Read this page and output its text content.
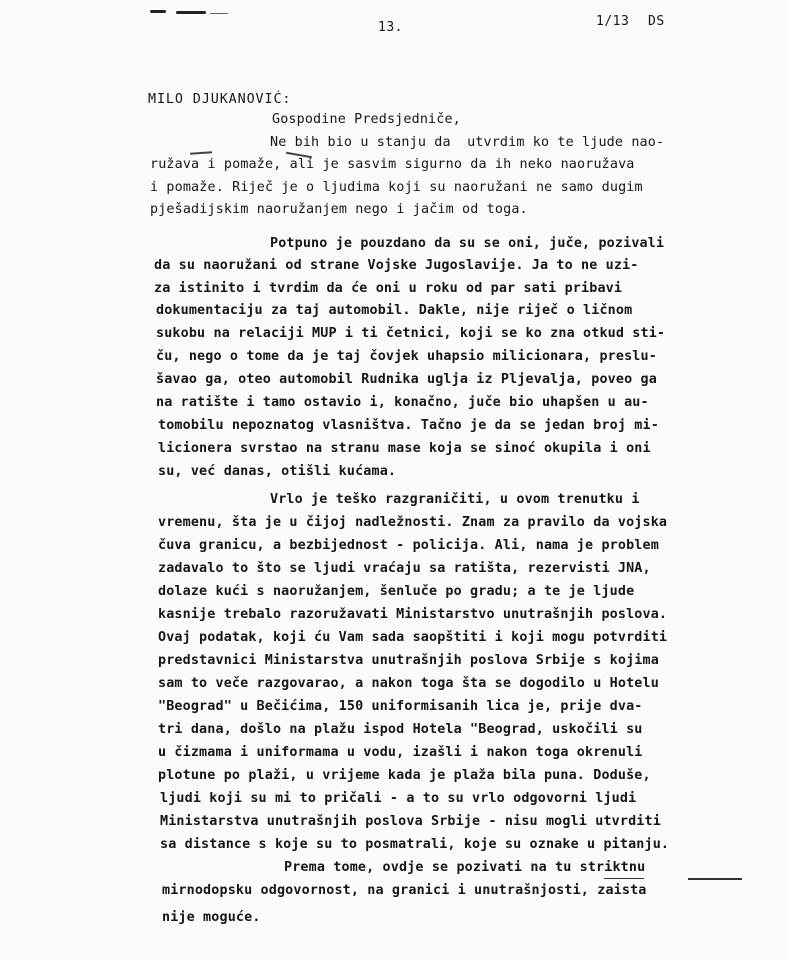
13.	1/13 DS
MILO DJUKANOVIĆ:
Gospodine Predsjedniče,
Ne bih bio u stanju da  utvrdim ko te ljude nao-
ružava i pomaže, ali je sasvim sigurno da ih neko naoružava
i pomaže. Riječ je o ljudima koji su naoružani ne samo dugim
pješadijskim naoružanjem nego i jačim od toga.
Potpuno je pouzdano da su se oni, juče, pozivali
da su naoružani od strane Vojske Jugoslavije. Ja to ne uzi-
za istinito i tvrdim da će oni u roku od par sati pribavi
dokumentaciju za taj automobil. Dakle, nije riječ o ličnom
sukobu na relaciji MUP i ti četnici, koji se ko zna otkud sti-
ču, nego o tome da je taj čovjek uhapsio milicionara, preslu-
šavao ga, oteo automobil Rudnika uglja iz Pljevalja, poveo ga
na ratište i tamo ostavio i, konačno, juče bio uhapšen u au-
tomobilu nepoznatog vlasništva. Tačno je da se jedan broj mi-
licionera svrstao na stranu mase koja se sinoć okupila i oni
su, već danas, otišli kućama.
Vrlo je teško razgraničiti, u ovom trenutku i
vremenu, šta je u čijoj nadležnosti. Znam za pravilo da vojska
čuva granicu, a bezbijednost - policija. Ali, nama je problem
zadavalo to što se ljudi vraćaju sa ratišta, rezervisti JNA,
dolaze kući s naoružanjem, šenluče po gradu; a te je ljude
kasnije trebalo razoružavati Ministarstvo unutrašnjih poslova.
Ovaj podatak, koji ću Vam sada saopštiti i koji mogu potvrditi
predstavnici Ministarstva unutrašnjih poslova Srbije s kojima
sam to veče razgovarao, a nakon toga šta se dogodilo u Hotelu
"Beograd" u Bečićima, 150 uniformisanih lica je, prije dva-
tri dana, došlo na plažu ispod Hotela "Beograd, uskočili su
u čizmama i uniformama u vodu, izašli i nakon toga okrenuli
plotune po plaži, u vrijeme kada je plaža bila puna. Doduše,
ljudi koji su mi to pričali - a to su vrlo odgovorni ljudi
Ministarstva unutrašnjih poslova Srbije - nisu mogli utvrditi
sa distance s koje su to posmatrali, koje su oznake u pitanju.
Prema tome, ovdje se pozivati na tu striktnu
mirnodopsku odgovornost, na granici i unutrašnjosti, zaista
nije moguće.
